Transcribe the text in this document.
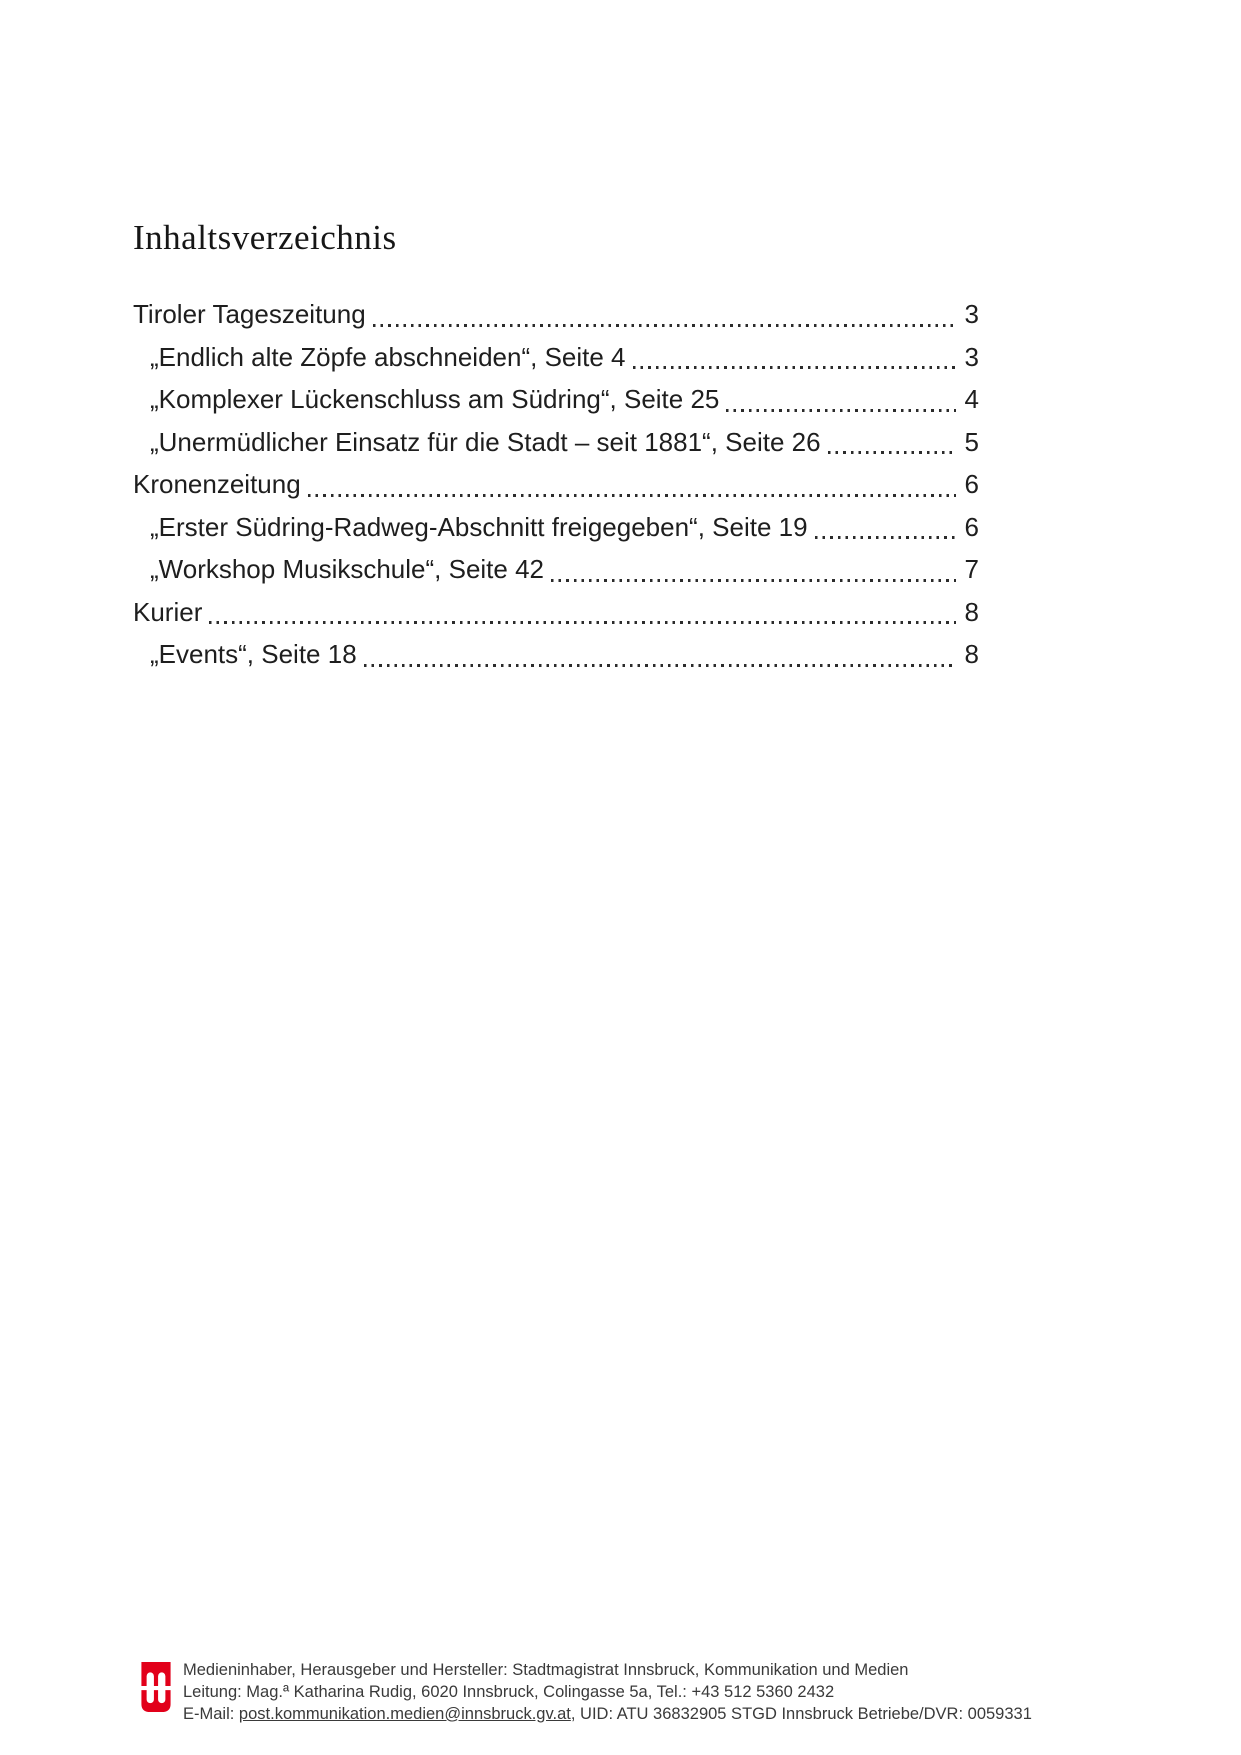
Inhaltsverzeichnis
Tiroler Tageszeitung	3
„Endlich alte Zöpfe abschneiden“, Seite 4	3
„Komplexer Lückenschluss am Südring“, Seite 25	4
„Unermüdlicher Einsatz für die Stadt – seit 1881“, Seite 26	5
Kronenzeitung	6
„Erster Südring-Radweg-Abschnitt freigegeben“, Seite 19	6
„Workshop Musikschule“, Seite 42	7
Kurier	8
„Events“, Seite 18	8
Medieninhaber, Herausgeber und Hersteller: Stadtmagistrat Innsbruck, Kommunikation und Medien
Leitung: Mag.ª Katharina Rudig, 6020 Innsbruck, Colingasse 5a, Tel.: +43 512 5360 2432
E-Mail: post.kommunikation.medien@innsbruck.gv.at, UID: ATU 36832905 STGD Innsbruck Betriebe/DVR: 0059331
